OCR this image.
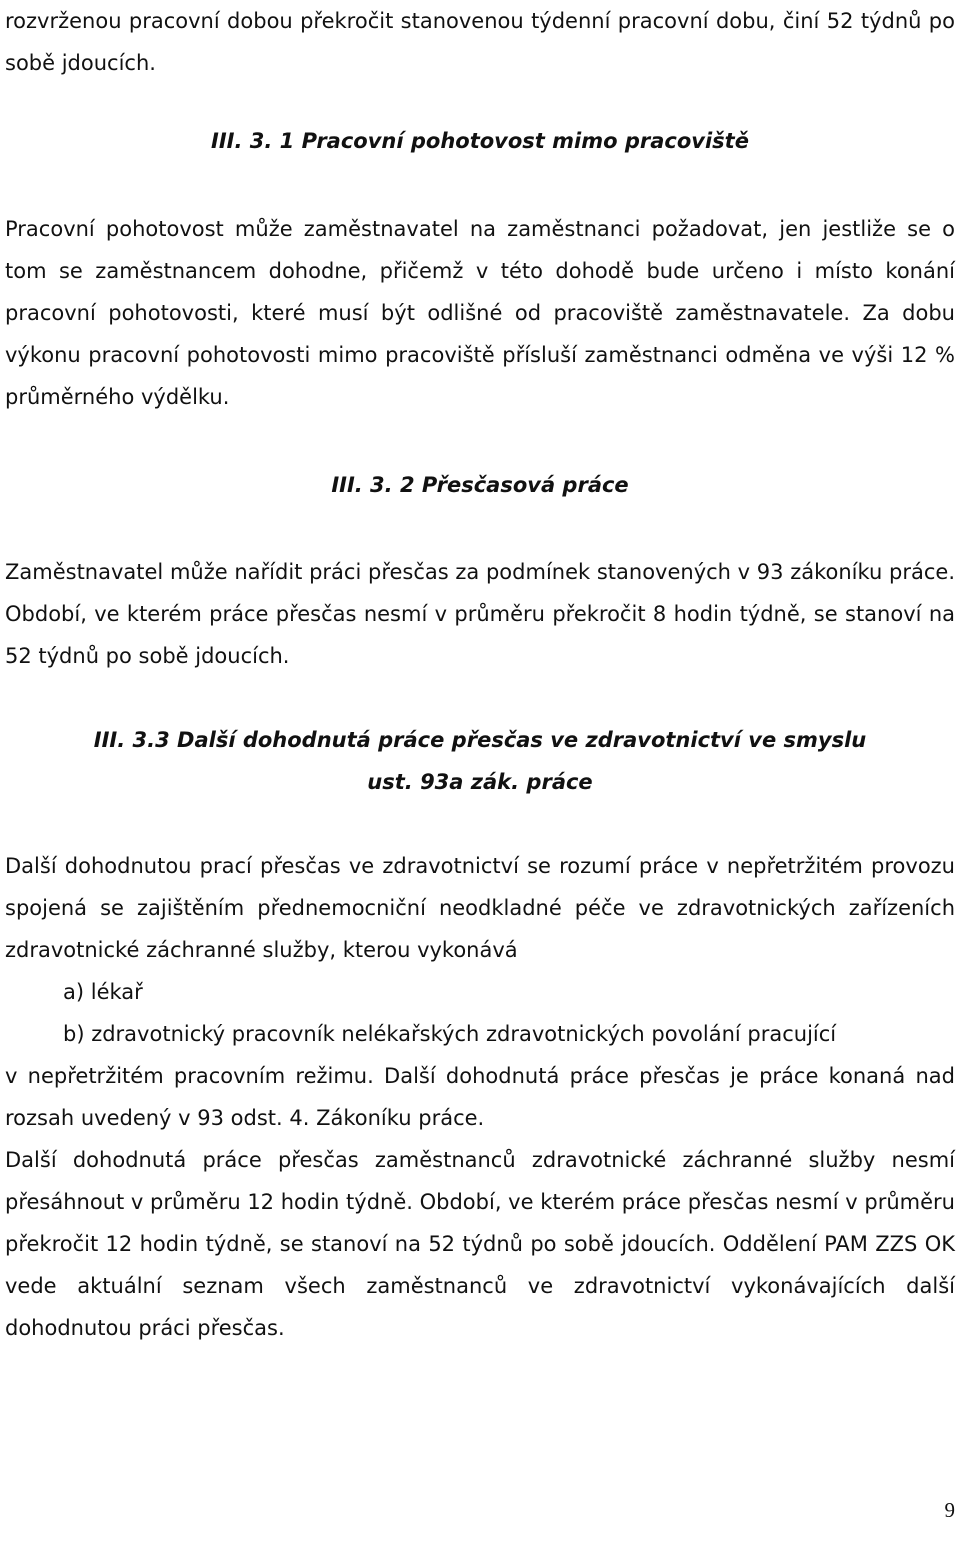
rozvrženou pracovní dobou překročit stanovenou týdenní pracovní dobu, činí 52 týdnů po sobě jdoucích.

III. 3. 1 Pracovní pohotovost mimo pracoviště

Pracovní pohotovost může zaměstnavatel na zaměstnanci požadovat, jen jestliže se o tom se zaměstnancem dohodne, přičemž v této dohodě bude určeno i místo konání pracovní pohotovosti, které musí být odlišné od pracoviště zaměstnavatele. Za dobu výkonu pracovní pohotovosti mimo pracoviště přísluší zaměstnanci odměna ve výši 12 % průměrného výdělku.

III. 3. 2 Přesčasová práce

Zaměstnavatel může nařídit práci přesčas za podmínek stanovených v 93 zákoníku práce. Období, ve kterém práce přesčas nesmí v průměru překročit 8 hodin týdně, se stanoví na 52 týdnů po sobě jdoucích.

III. 3.3 Další dohodnutá práce přesčas ve zdravotnictví ve smyslu

ust. 93a zák. práce

Další dohodnutou prací přesčas ve zdravotnictví se rozumí práce v nepřetržitém provozu spojená se zajištěním přednemocniční neodkladné péče ve zdravotnických zařízeních zdravotnické záchranné služby, kterou vykonává

a) lékař

b) zdravotnický pracovník nelékařských zdravotnických povolání pracující

v nepřetržitém pracovním režimu. Další dohodnutá práce přesčas je práce konaná nad rozsah uvedený v 93 odst. 4. Zákoníku práce.

Další dohodnutá práce přesčas zaměstnanců zdravotnické záchranné služby nesmí přesáhnout v průměru 12 hodin týdně. Období, ve kterém práce přesčas nesmí v průměru překročit 12 hodin týdně, se stanoví na 52 týdnů po sobě jdoucích. Oddělení PAM ZZS OK vede aktuální seznam všech zaměstnanců ve zdravotnictví vykonávajících další dohodnutou práci přesčas.

9
